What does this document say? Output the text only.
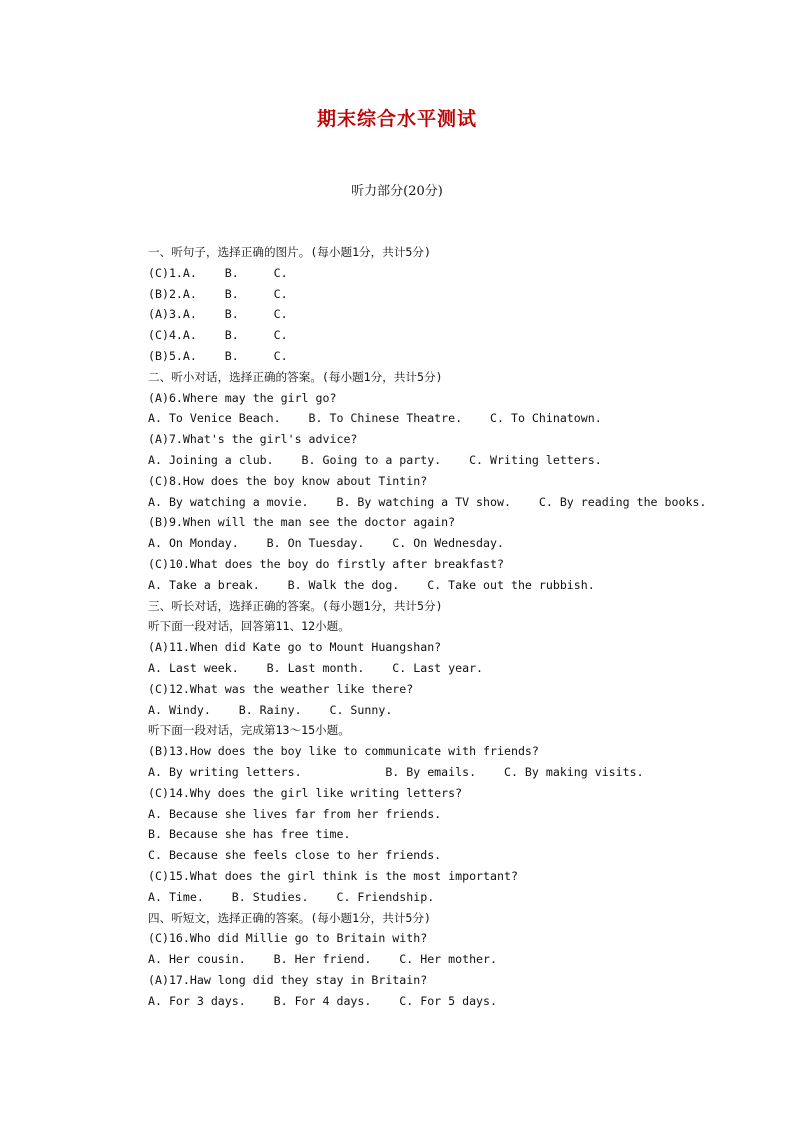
期末综合水平测试
听力部分(20分)
一、听句子，选择正确的图片。(每小题1分，共计5分)
(C)1.A.    B.     C.
(B)2.A.    B.     C.
(A)3.A.    B.     C.
(C)4.A.    B.     C.
(B)5.A.    B.     C.
二、听小对话，选择正确的答案。(每小题1分，共计5分)
(A)6.Where may the girl go?
A. To Venice Beach.    B. To Chinese Theatre.    C. To Chinatown.
(A)7.What's the girl's advice?
A. Joining a club.    B. Going to a party.    C. Writing letters.
(C)8.How does the boy know about Tintin?
A. By watching a movie.    B. By watching a TV show.    C. By reading the books.
(B)9.When will the man see the doctor again?
A. On Monday.    B. On Tuesday.    C. On Wednesday.
(C)10.What does the boy do firstly after breakfast?
A. Take a break.    B. Walk the dog.    C. Take out the rubbish.
三、听长对话，选择正确的答案。(每小题1分，共计5分)
听下面一段对话，回答第11、12小题。
(A)11.When did Kate go to Mount Huangshan?
A. Last week.    B. Last month.    C. Last year.
(C)12.What was the weather like there?
A. Windy.    B. Rainy.    C. Sunny.
听下面一段对话，完成第13～15小题。
(B)13.How does the boy like to communicate with friends?
A. By writing letters.            B. By emails.    C. By making visits.
(C)14.Why does the girl like writing letters?
A. Because she lives far from her friends.
B. Because she has free time.
C. Because she feels close to her friends.
(C)15.What does the girl think is the most important?
A. Time.    B. Studies.    C. Friendship.
四、听短文，选择正确的答案。(每小题1分，共计5分)
(C)16.Who did Millie go to Britain with?
A. Her cousin.    B. Her friend.    C. Her mother.
(A)17.Haw long did they stay in Britain?
A. For 3 days.    B. For 4 days.    C. For 5 days.
